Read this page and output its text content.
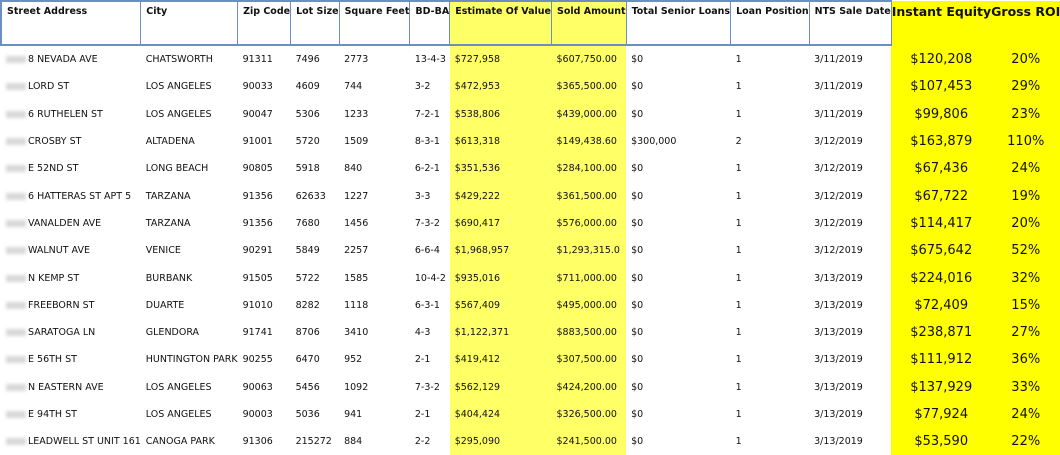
Street Address	City	Zip Code	Lot Size	Square Feet	BD-BA	Estimate Of Value	Sold Amount	Total Senior Loans	Loan Position	NTS Sale Date	Instant Equity	Gross ROI
8 NEVADA AVE	CHATSWORTH	91311	7496	2773	13-4-3	$727,958	$607,750.00	$0	1	3/11/2019	$120,208	20%
LORD ST	LOS ANGELES	90033	4609	744	3-2	$472,953	$365,500.00	$0	1	3/11/2019	$107,453	29%
6 RUTHELEN ST	LOS ANGELES	90047	5306	1233	7-2-1	$538,806	$439,000.00	$0	1	3/11/2019	$99,806	23%
CROSBY ST	ALTADENA	91001	5720	1509	8-3-1	$613,318	$149,438.60	$300,000	2	3/12/2019	$163,879	110%
E 52ND ST	LONG BEACH	90805	5918	840	6-2-1	$351,536	$284,100.00	$0	1	3/12/2019	$67,436	24%
6 HATTERAS ST APT 5	TARZANA	91356	62633	1227	3-3	$429,222	$361,500.00	$0	1	3/12/2019	$67,722	19%
VANALDEN AVE	TARZANA	91356	7680	1456	7-3-2	$690,417	$576,000.00	$0	1	3/12/2019	$114,417	20%
WALNUT AVE	VENICE	90291	5849	2257	6-6-4	$1,968,957	$1,293,315.0	$0	1	3/12/2019	$675,642	52%
N KEMP ST	BURBANK	91505	5722	1585	10-4-2	$935,016	$711,000.00	$0	1	3/13/2019	$224,016	32%
FREEBORN ST	DUARTE	91010	8282	1118	6-3-1	$567,409	$495,000.00	$0	1	3/13/2019	$72,409	15%
SARATOGA LN	GLENDORA	91741	8706	3410	4-3	$1,122,371	$883,500.00	$0	1	3/13/2019	$238,871	27%
E 56TH ST	HUNTINGTON PARK	90255	6470	952	2-1	$419,412	$307,500.00	$0	1	3/13/2019	$111,912	36%
N EASTERN AVE	LOS ANGELES	90063	5456	1092	7-3-2	$562,129	$424,200.00	$0	1	3/13/2019	$137,929	33%
E 94TH ST	LOS ANGELES	90003	5036	941	2-1	$404,424	$326,500.00	$0	1	3/13/2019	$77,924	24%
LEADWELL ST UNIT 161	CANOGA PARK	91306	215272	884	2-2	$295,090	$241,500.00	$0	1	3/13/2019	$53,590	22%
